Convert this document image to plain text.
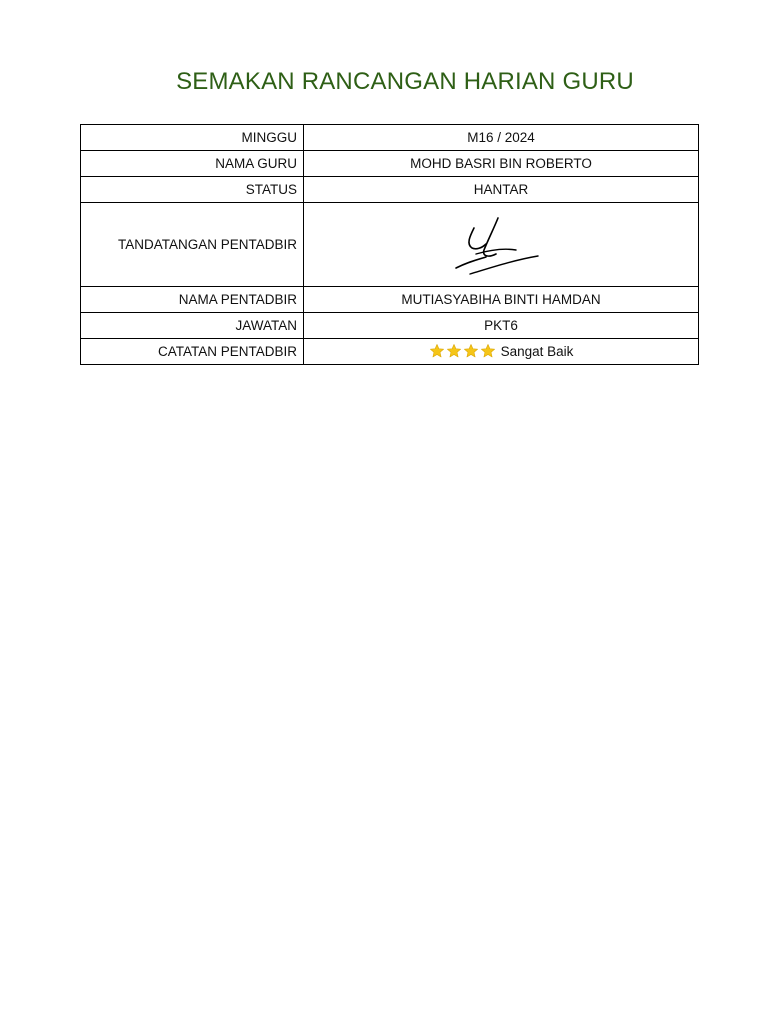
SEMAKAN RANCANGAN HARIAN GURU
MINGGU	M16 / 2024
NAMA GURU	MOHD BASRI BIN ROBERTO
STATUS	HANTAR
TANDATANGAN PENTADBIR	

NAMA PENTADBIR	MUTIASYABIHA BINTI HAMDAN
JAWATAN	PKT6
CATATAN PENTADBIR	Sangat Baik
